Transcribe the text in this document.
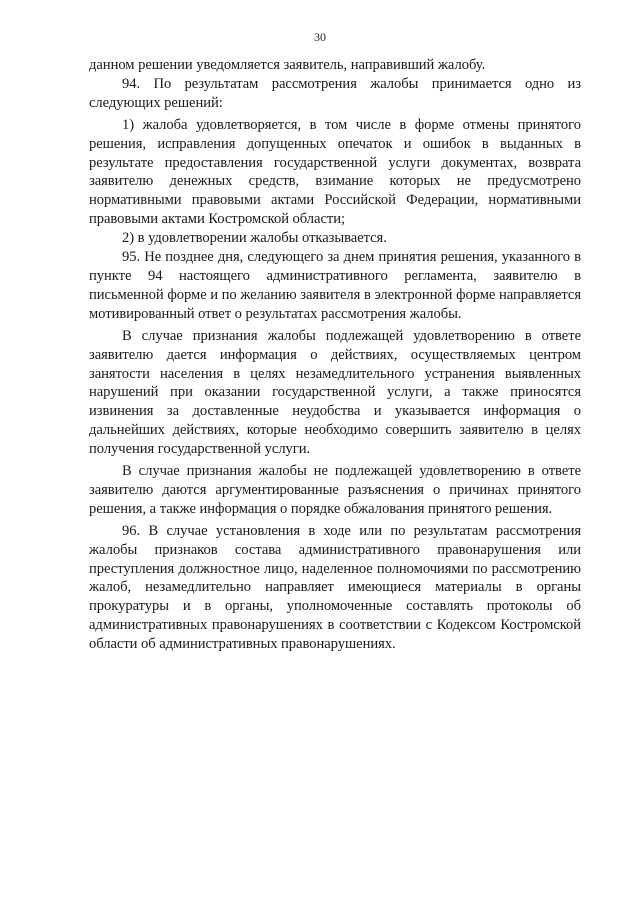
30

данном решении уведомляется заявитель, направивший жалобу.

94. По результатам рассмотрения жалобы принимается одно из следующих решений:

1) жалоба удовлетворяется, в том числе в форме отмены принятого решения, исправления допущенных опечаток и ошибок в выданных в результате предоставления государственной услуги документах, возврата заявителю денежных средств, взимание которых не предусмотрено нормативными правовыми актами Российской Федерации, нормативными правовыми актами Костромской области;

2) в удовлетворении жалобы отказывается.

95. Не позднее дня, следующего за днем принятия решения, указанного в пункте 94 настоящего административного регламента, заявителю в письменной форме и по желанию заявителя в электронной форме направляется мотивированный ответ о результатах рассмотрения жалобы.

В случае признания жалобы подлежащей удовлетворению в ответе заявителю дается информация о действиях, осуществляемых центром занятости населения в целях незамедлительного устранения выявленных нарушений при оказании государственной услуги, а также приносятся извинения за доставленные неудобства и указывается информация о дальнейших действиях, которые необходимо совершить заявителю в целях получения государственной услуги.

В случае признания жалобы не подлежащей удовлетворению в ответе заявителю даются аргументированные разъяснения о причинах принятого решения, а также информация о порядке обжалования принятого решения.

96. В случае установления в ходе или по результатам рассмотрения жалобы признаков состава административного правонарушения или преступления должностное лицо, наделенное полномочиями по рассмотрению жалоб, незамедлительно направляет имеющиеся материалы в органы прокуратуры и в органы, уполномоченные составлять протоколы об административных правонарушениях в соответствии с Кодексом Костромской области об административных правонарушениях.
